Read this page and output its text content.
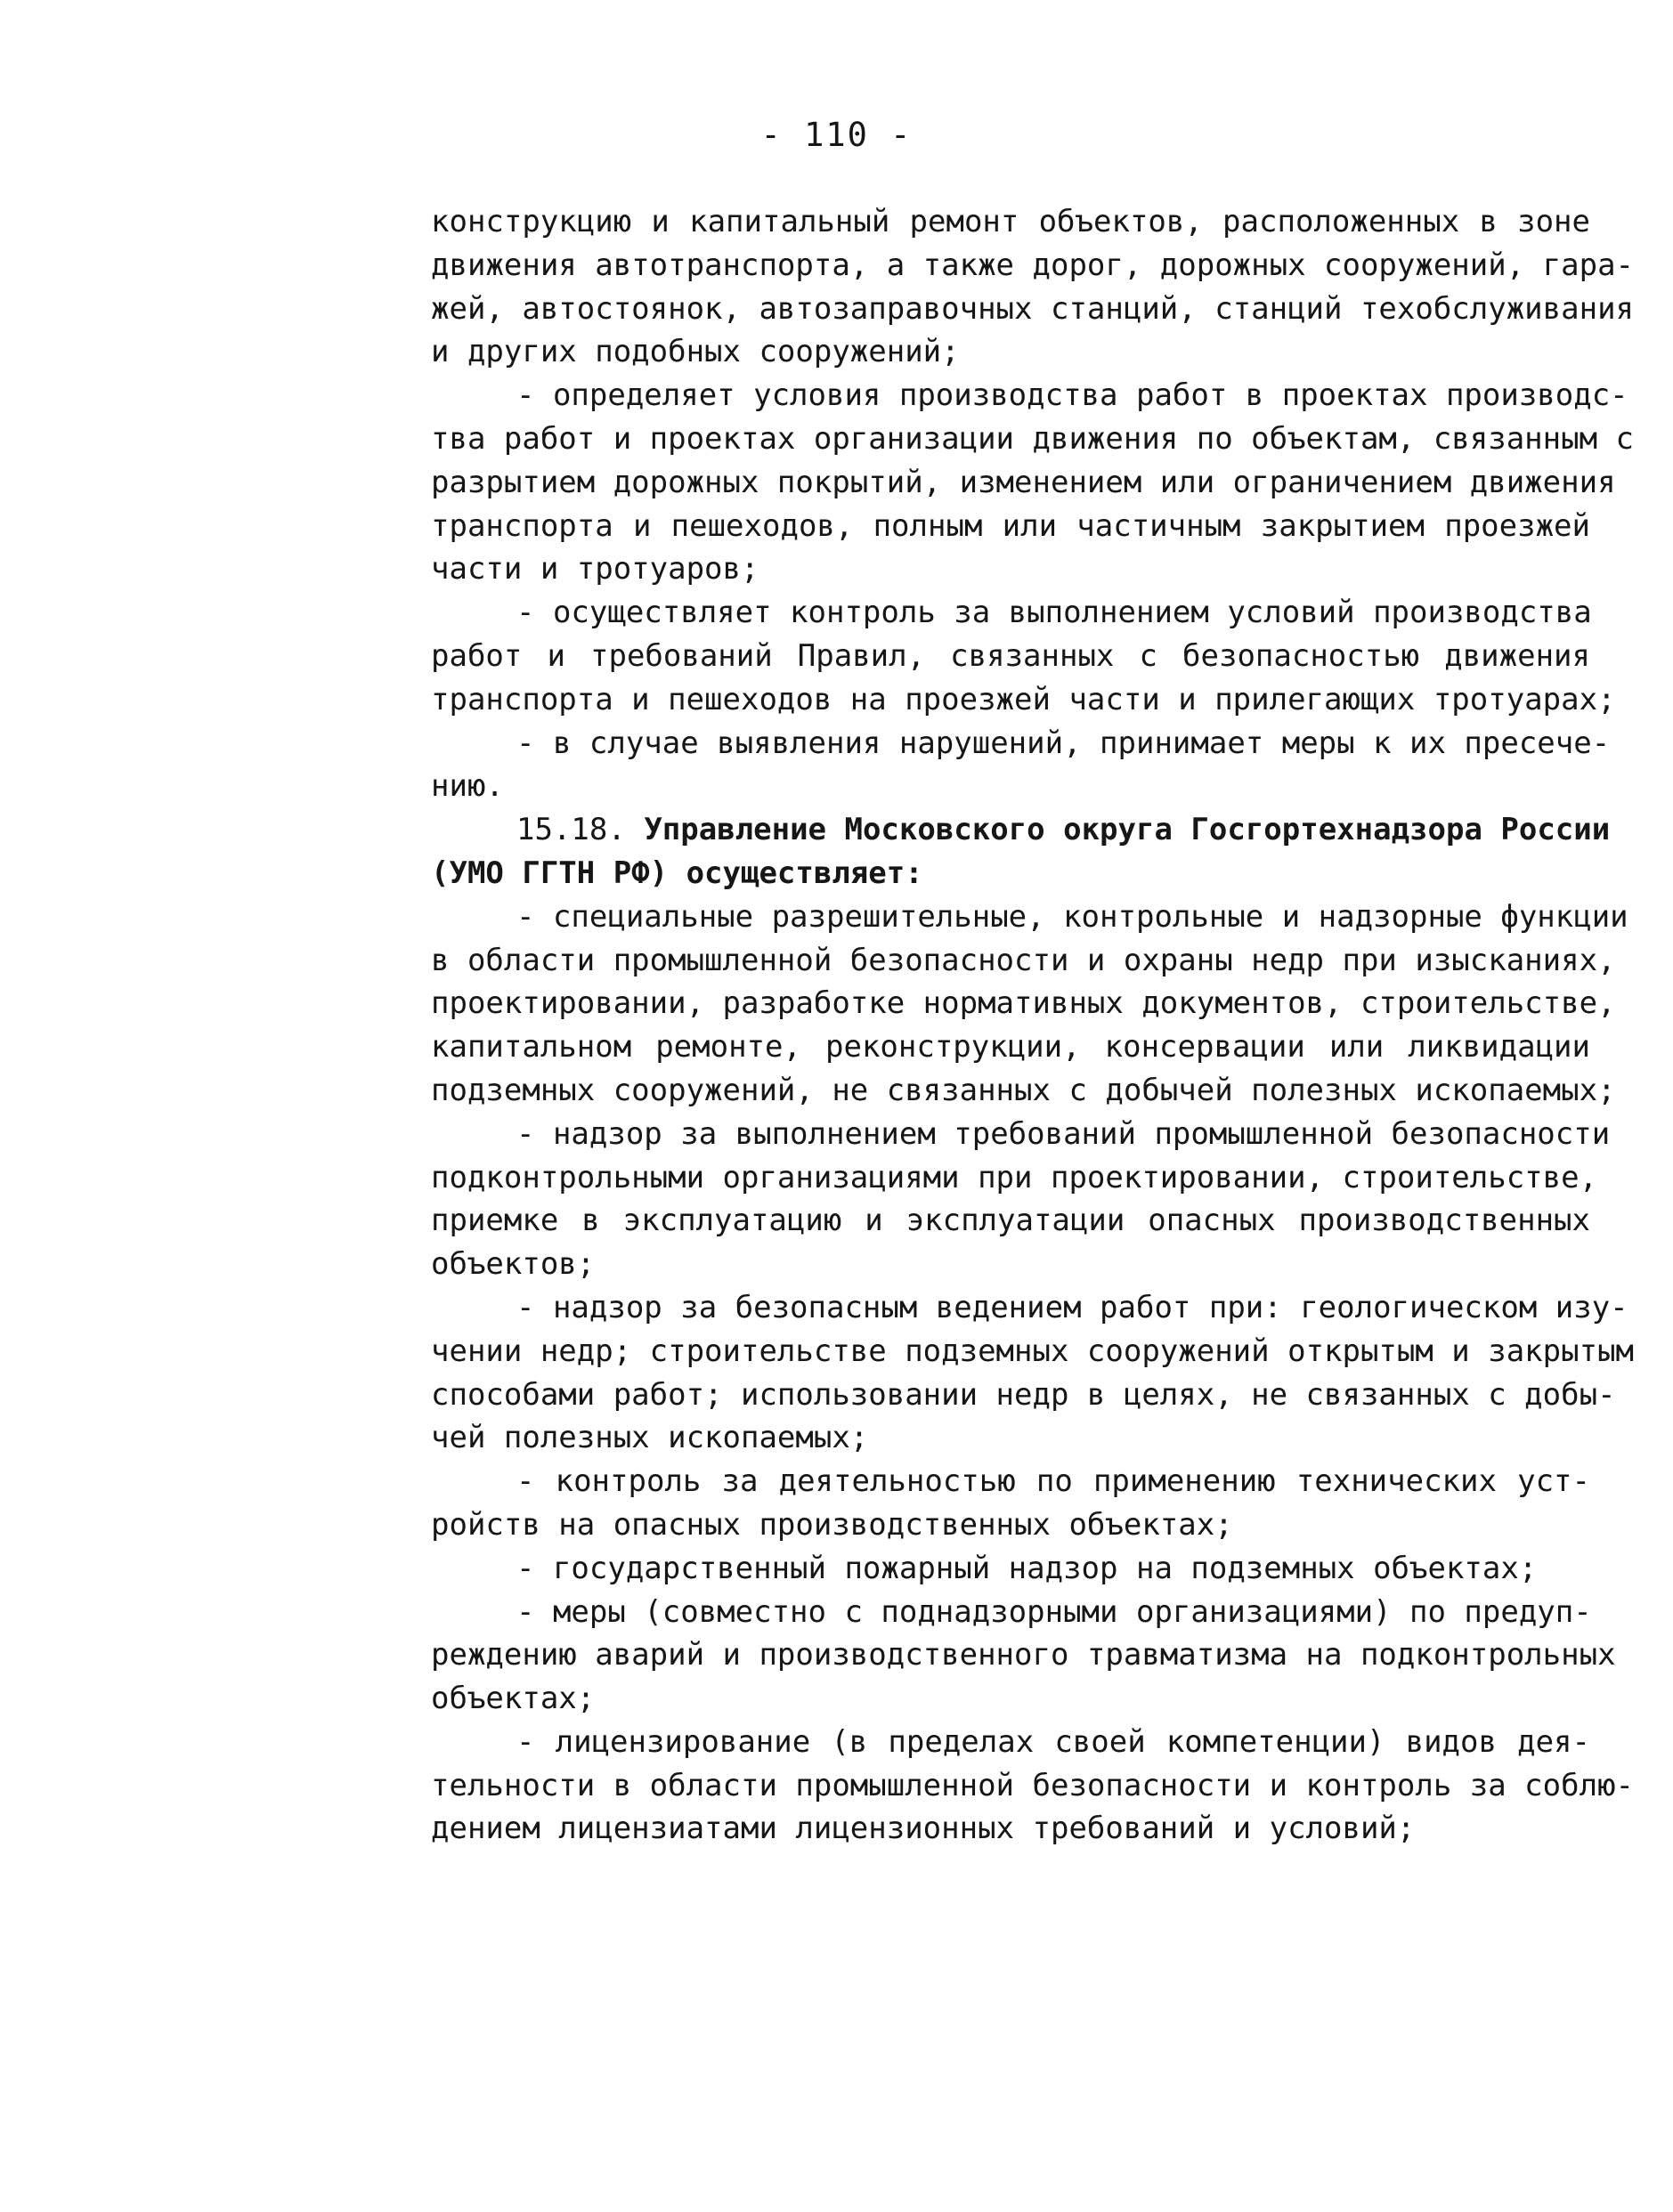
- 110 -
конструкцию и капитальный ремонт объектов, расположенных в зоне
движения автотранспорта, а также дорог, дорожных сооружений, гара-
жей, автостоянок, автозаправочных станций, станций техобслуживания
и других подобных сооружений;
- определяет условия производства работ в проектах производс-
тва работ и проектах организации движения по объектам, связанным с
разрытием дорожных покрытий, изменением или ограничением движения
транспорта и пешеходов, полным или частичным закрытием проезжей
части и тротуаров;
- осуществляет контроль за выполнением условий производства
работ и требований Правил, связанных с безопасностью движения
транспорта и пешеходов на проезжей части и прилегающих тротуарах;
- в случае выявления нарушений, принимает меры к их пресече-
нию.
15.18. Управление Московского округа Госгортехнадзора России
(УМО ГГТН РФ) осуществляет:
- специальные разрешительные, контрольные и надзорные функции
в области промышленной безопасности и охраны недр при изысканиях,
проектировании, разработке нормативных документов, строительстве,
капитальном ремонте, реконструкции, консервации или ликвидации
подземных сооружений, не связанных с добычей полезных ископаемых;
- надзор за выполнением требований промышленной безопасности
подконтрольными организациями при проектировании, строительстве,
приемке в эксплуатацию и эксплуатации опасных производственных
объектов;
- надзор за безопасным ведением работ при: геологическом изу-
чении недр; строительстве подземных сооружений открытым и закрытым
способами работ; использовании недр в целях, не связанных с добы-
чей полезных ископаемых;
- контроль за деятельностью по применению технических уст-
ройств на опасных производственных объектах;
- государственный пожарный надзор на подземных объектах;
- меры (совместно с поднадзорными организациями) по предуп-
реждению аварий и производственного травматизма на подконтрольных
объектах;
- лицензирование (в пределах своей компетенции) видов дея-
тельности в области промышленной безопасности и контроль за соблю-
дением лицензиатами лицензионных требований и условий;
